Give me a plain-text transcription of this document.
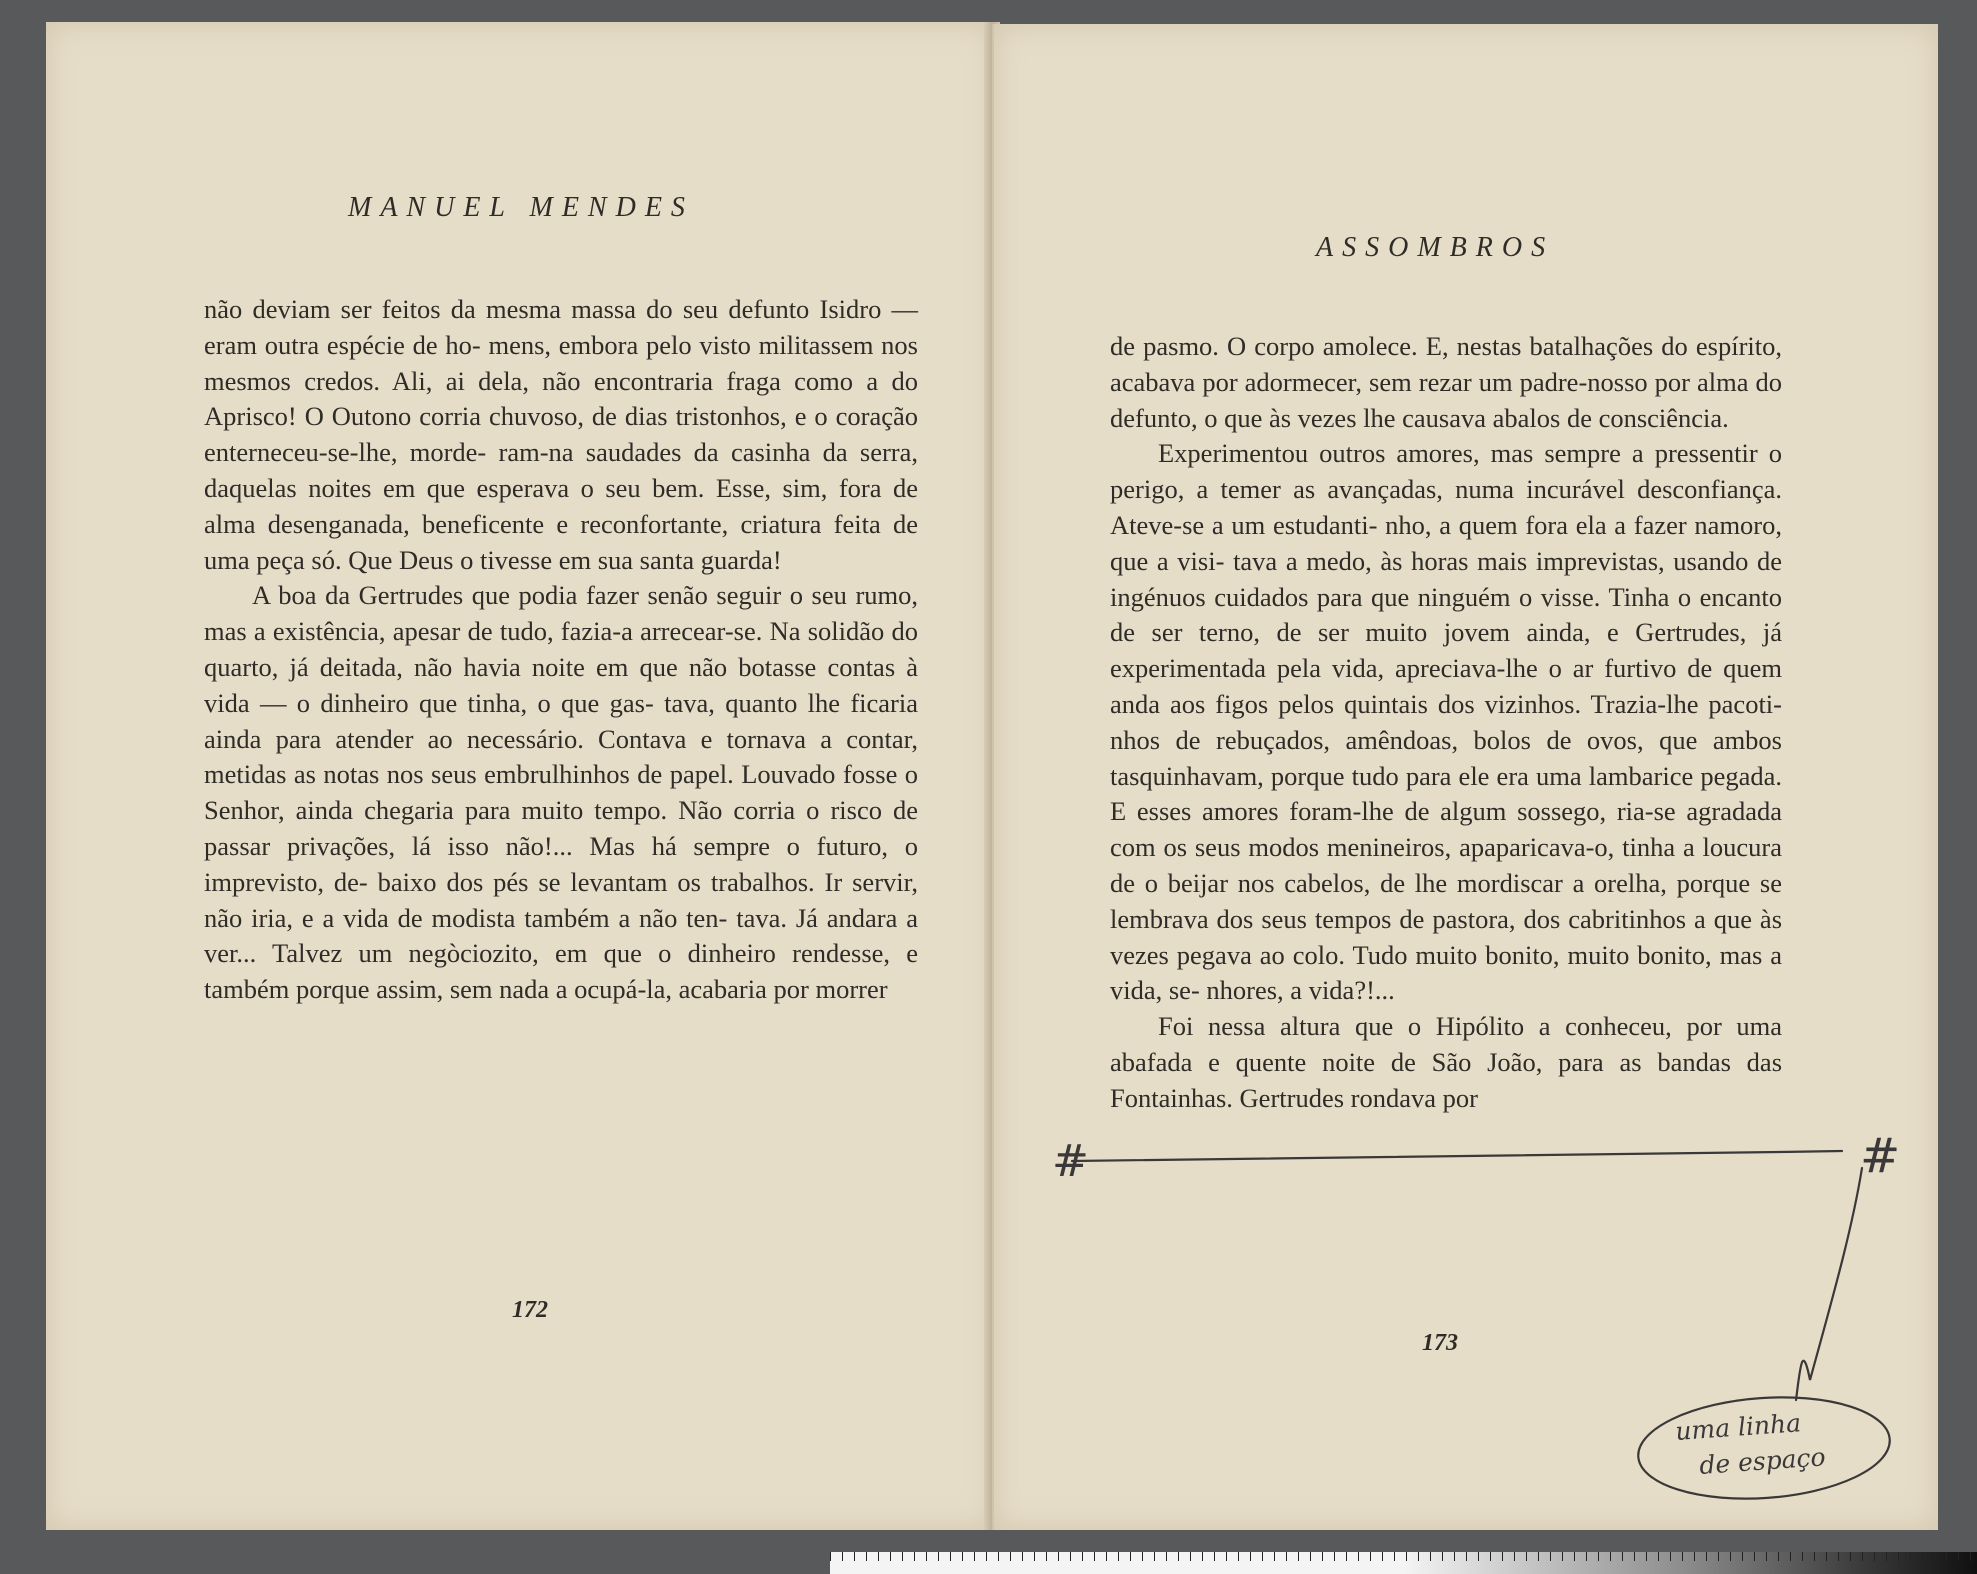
MANUEL MENDES

não deviam ser feitos da mesma massa do seu defunto Isidro — eram outra espécie de ho- mens, embora pelo visto militassem nos mesmos credos. Ali, ai dela, não encontraria fraga como a do Aprisco! O Outono corria chuvoso, de dias tristonhos, e o coração enterneceu-se-lhe, morde- ram-na saudades da casinha da serra, daquelas noites em que esperava o seu bem. Esse, sim, fora de alma desenganada, beneficente e reconfortante, criatura feita de uma peça só. Que Deus o tivesse em sua santa guarda!

A boa da Gertrudes que podia fazer senão seguir o seu rumo, mas a existência, apesar de tudo, fazia-a arrecear-se. Na solidão do quarto, já deitada, não havia noite em que não botasse contas à vida — o dinheiro que tinha, o que gas- tava, quanto lhe ficaria ainda para atender ao necessário. Contava e tornava a contar, metidas as notas nos seus embrulhinhos de papel. Louvado fosse o Senhor, ainda chegaria para muito tempo. Não corria o risco de passar privações, lá isso não!... Mas há sempre o futuro, o imprevisto, de- baixo dos pés se levantam os trabalhos. Ir servir, não iria, e a vida de modista também a não ten- tava. Já andara a ver... Talvez um negòciozito, em que o dinheiro rendesse, e também porque assim, sem nada a ocupá-la, acabaria por morrer

172
ASSOMBROS

de pasmo. O corpo amolece. E, nestas batalhações do espírito, acabava por adormecer, sem rezar um padre-nosso por alma do defunto, o que às vezes lhe causava abalos de consciência.

Experimentou outros amores, mas sempre a pressentir o perigo, a temer as avançadas, numa incurável desconfiança. Ateve-se a um estudanti- nho, a quem fora ela a fazer namoro, que a visi- tava a medo, às horas mais imprevistas, usando de ingénuos cuidados para que ninguém o visse. Tinha o encanto de ser terno, de ser muito jovem ainda, e Gertrudes, já experimentada pela vida, apreciava-lhe o ar furtivo de quem anda aos figos pelos quintais dos vizinhos. Trazia-lhe pacoti- nhos de rebuçados, amêndoas, bolos de ovos, que ambos tasquinhavam, porque tudo para ele era uma lambarice pegada. E esses amores foram-lhe de algum sossego, ria-se agradada com os seus modos menineiros, apaparicava-o, tinha a loucura de o beijar nos cabelos, de lhe mordiscar a orelha, porque se lembrava dos seus tempos de pastora, dos cabritinhos a que às vezes pegava ao colo. Tudo muito bonito, muito bonito, mas a vida, se- nhores, a vida?!...

Foi nessa altura que o Hipólito a conheceu, por uma abafada e quente noite de São João, para as bandas das Fontainhas. Gertrudes rondava por

173
#	#
uma linha
de espaço
